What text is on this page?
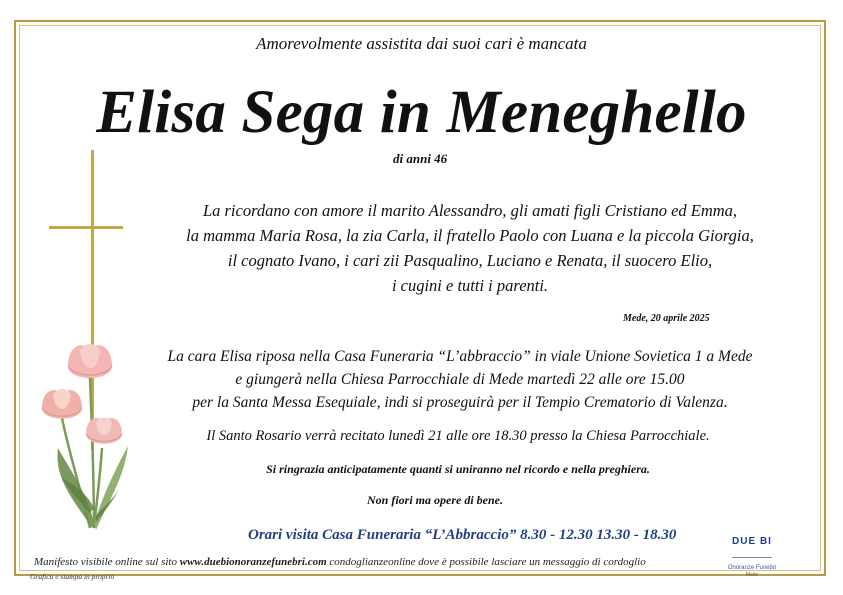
Amorevolmente assistita dai suoi cari è mancata
Elisa Sega in Meneghello
di anni 46
La ricordano con amore il marito Alessandro, gli amati figli Cristiano ed Emma,
la mamma Maria Rosa, la zia Carla, il fratello Paolo con Luana e la piccola Giorgia,
il cognato Ivano, i cari zii Pasqualino, Luciano e Renata, il suocero Elio,
i cugini e tutti i parenti.
Mede, 20 aprile 2025
La cara Elisa riposa nella Casa Funeraria “L’abbraccio” in viale Unione Sovietica 1 a Mede
e giungerà nella Chiesa Parrocchiale di Mede martedì 22 alle ore 15.00
per la Santa Messa Esequiale, indi si proseguirà per il Tempio Crematorio di Valenza.
Il Santo Rosario verrà recitato lunedì 21 alle ore 18.30 presso la Chiesa Parrocchiale.
Si ringrazia anticipatamente quanti si uniranno nel ricordo e nella preghiera.
Non fiori ma opere di bene.
Orari visita Casa Funeraria “L’Abbraccio” 8.30 - 12.30 13.30 - 18.30
Manifesto visibile online sul sito www.duebionoranzefunebri.com condoglianzeonline dove è possibile lasciare un messaggio di cordoglio
Grafica e stampa in proprio
DUE BI
Onoranze Funebri
Mede
